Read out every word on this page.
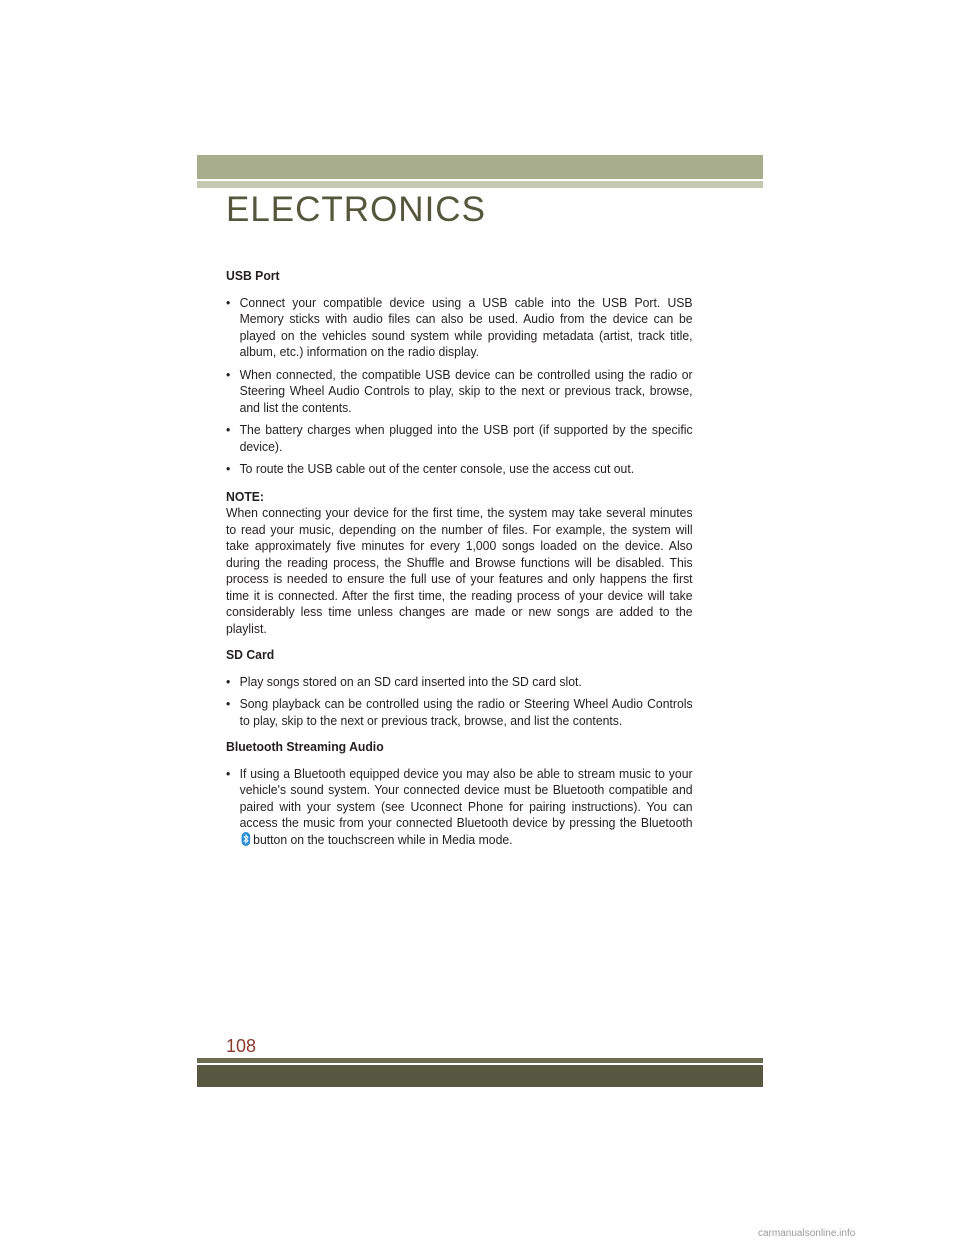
ELECTRONICS

USB Port

• Connect your compatible device using a USB cable into the USB Port. USB Memory sticks with audio files can also be used. Audio from the device can be played on the vehicles sound system while providing metadata (artist, track title, album, etc.) information on the radio display.

• When connected, the compatible USB device can be controlled using the radio or Steering Wheel Audio Controls to play, skip to the next or previous track, browse, and list the contents.

• The battery charges when plugged into the USB port (if supported by the specific device).

• To route the USB cable out of the center console, use the access cut out.

NOTE:

When connecting your device for the first time, the system may take several minutes to read your music, depending on the number of files. For example, the system will take approximately five minutes for every 1,000 songs loaded on the device. Also during the reading process, the Shuffle and Browse functions will be disabled. This process is needed to ensure the full use of your features and only happens the first time it is connected. After the first time, the reading process of your device will take considerably less time unless changes are made or new songs are added to the playlist.

SD Card

• Play songs stored on an SD card inserted into the SD card slot.

• Song playback can be controlled using the radio or Steering Wheel Audio Controls to play, skip to the next or previous track, browse, and list the contents.

Bluetooth Streaming Audio

• If using a Bluetooth equipped device you may also be able to stream music to your vehicle's sound system. Your connected device must be Bluetooth compatible and paired with your system (see Uconnect Phone for pairing instructions). You can access the music from your connected Bluetooth device by pressing the Bluetooth button on the touchscreen while in Media mode.

108
carmanualsonline.info
